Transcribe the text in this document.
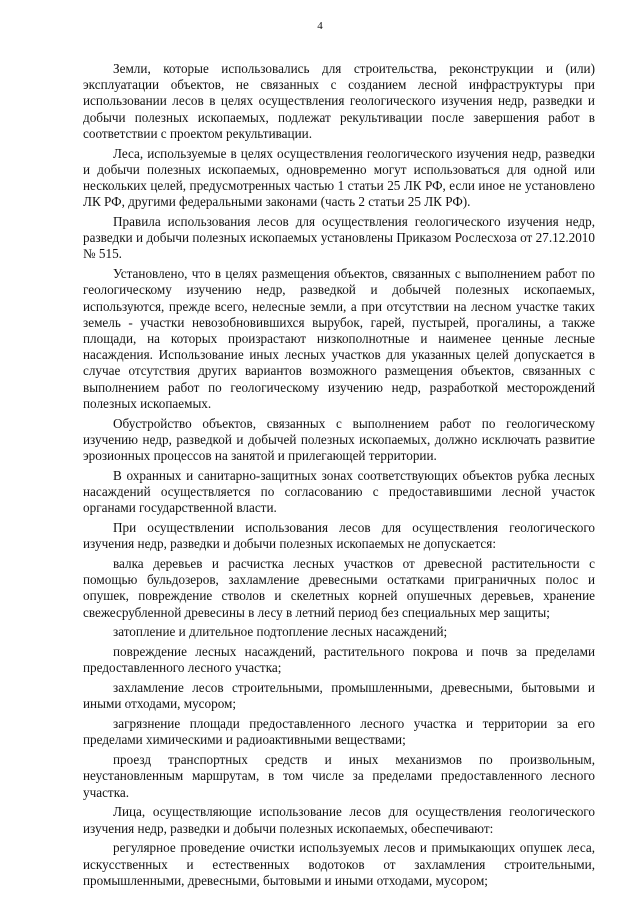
4

Земли, которые использовались для строительства, реконструкции и (или) эксплуатации объектов, не связанных с созданием лесной инфраструктуры при использовании лесов в целях осуществления геологического изучения недр, разведки и добычи полезных ископаемых, подлежат рекультивации после завершения работ в соответствии с проектом рекультивации.

Леса, используемые в целях осуществления геологического изучения недр, разведки и добычи полезных ископаемых, одновременно могут использоваться для одной или нескольких целей, предусмотренных частью 1 статьи 25 ЛК РФ, если иное не установлено ЛК РФ, другими федеральными законами (часть 2 статьи 25 ЛК РФ).

Правила использования лесов для осуществления геологического изучения недр, разведки и добычи полезных ископаемых установлены Приказом Рослесхоза от 27.12.2010 № 515.

Установлено, что в целях размещения объектов, связанных с выполнением работ по геологическому изучению недр, разведкой и добычей полезных ископаемых, используются, прежде всего, нелесные земли, а при отсутствии на лесном участке таких земель - участки невозобновившихся вырубок, гарей, пустырей, прогалины, а также площади, на которых произрастают низкополнотные и наименее ценные лесные насаждения. Использование иных лесных участков для указанных целей допускается в случае отсутствия других вариантов возможного размещения объектов, связанных с выполнением работ по геологическому изучению недр, разработкой месторождений полезных ископаемых.

Обустройство объектов, связанных с выполнением работ по геологическому изучению недр, разведкой и добычей полезных ископаемых, должно исключать развитие эрозионных процессов на занятой и прилегающей территории.

В охранных и санитарно-защитных зонах соответствующих объектов рубка лесных насаждений осуществляется по согласованию с предоставившими лесной участок органами государственной власти.

При осуществлении использования лесов для осуществления геологического изучения недр, разведки и добычи полезных ископаемых не допускается:

валка деревьев и расчистка лесных участков от древесной растительности с помощью бульдозеров, захламление древесными остатками приграничных полос и опушек, повреждение стволов и скелетных корней опушечных деревьев, хранение свежесрубленной древесины в лесу в летний период без специальных мер защиты;

затопление и длительное подтопление лесных насаждений;

повреждение лесных насаждений, растительного покрова и почв за пределами предоставленного лесного участка;

захламление лесов строительными, промышленными, древесными, бытовыми и иными отходами, мусором;

загрязнение площади предоставленного лесного участка и территории за его пределами химическими и радиоактивными веществами;

проезд транспортных средств и иных механизмов по произвольным, неустановленным маршрутам, в том числе за пределами предоставленного лесного участка.

Лица, осуществляющие использование лесов для осуществления геологического изучения недр, разведки и добычи полезных ископаемых, обеспечивают:

регулярное проведение очистки используемых лесов и примыкающих опушек леса, искусственных и естественных водотоков от захламления строительными, промышленными, древесными, бытовыми и иными отходами, мусором;
